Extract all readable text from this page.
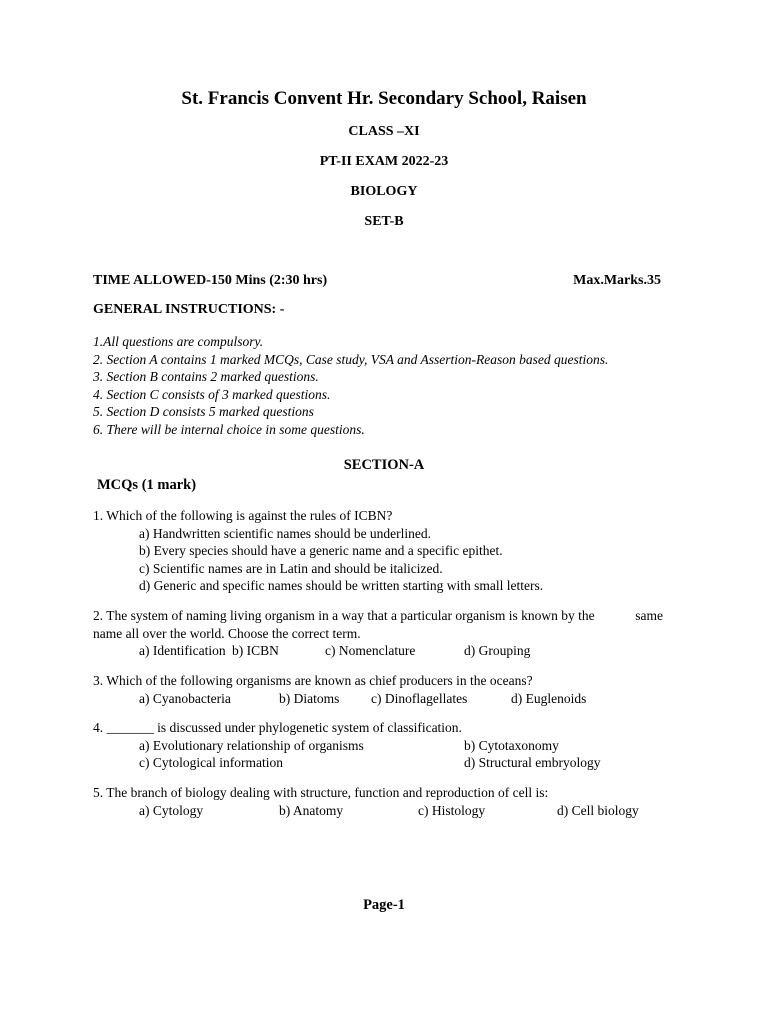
St. Francis Convent Hr. Secondary School, Raisen
CLASS –XI
PT-II EXAM 2022-23
BIOLOGY
SET-B
TIME ALLOWED-150 Mins (2:30 hrs)	Max.Marks.35
GENERAL INSTRUCTIONS: -
1.All questions are compulsory.
2. Section A contains 1 marked MCQs, Case study, VSA and Assertion-Reason based questions.
3. Section B contains 2 marked questions.
4. Section C consists of 3 marked questions.
5. Section D consists 5 marked questions
6. There will be internal choice in some questions.
SECTION-A
MCQs (1 mark)
1. Which of the following is against the rules of ICBN?
a) Handwritten scientific names should be underlined.
b) Every species should have a generic name and a specific epithet.
c) Scientific names are in Latin and should be italicized.
d) Generic and specific names should be written starting with small letters.
2. The system of naming living organism in a way that a particular organism is known by the	same
name all over the world. Choose the correct term.
a) Identification b) ICBN	c) Nomenclature	d) Grouping
3. Which of the following organisms are known as chief producers in the oceans?
a) Cyanobacteria	b) Diatoms c) Dinoflagellates	d) Euglenoids
4. _______ is discussed under phylogenetic system of classification.
a) Evolutionary relationship of organisms	b) Cytotaxonomy
c) Cytological information	d) Structural embryology
5. The branch of biology dealing with structure, function and reproduction of cell is:
a) Cytology	b) Anatomy	c) Histology	d) Cell biology
Page-1
